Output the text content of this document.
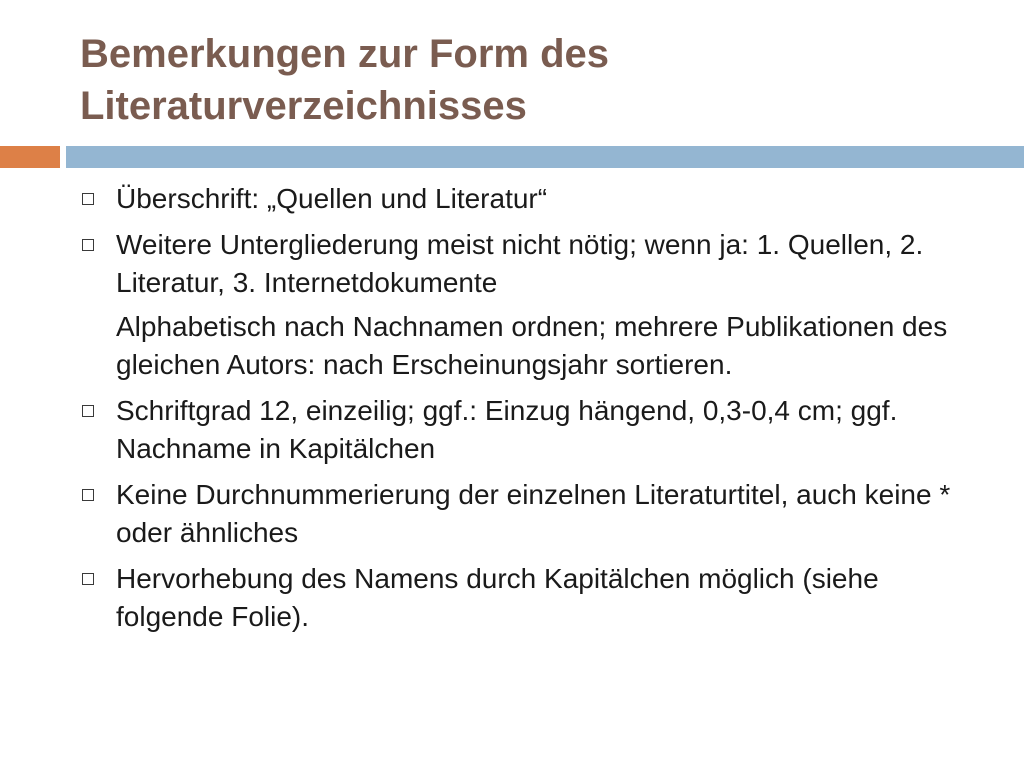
Bemerkungen zur Form des
Literaturverzeichnisses
Überschrift: „Quellen und Literatur“
Weitere Untergliederung meist nicht nötig; wenn ja: 1. Quellen, 2. Literatur, 3. Internetdokumente
Alphabetisch nach Nachnamen ordnen; mehrere Publikationen des gleichen Autors: nach Erscheinungsjahr sortieren.
Schriftgrad 12, einzeilig; ggf.: Einzug hängend, 0,3-0,4 cm; ggf. Nachname in Kapitälchen
Keine Durchnummerierung der einzelnen Literaturtitel, auch keine * oder ähnliches
Hervorhebung des Namens durch Kapitälchen möglich (siehe folgende Folie).
